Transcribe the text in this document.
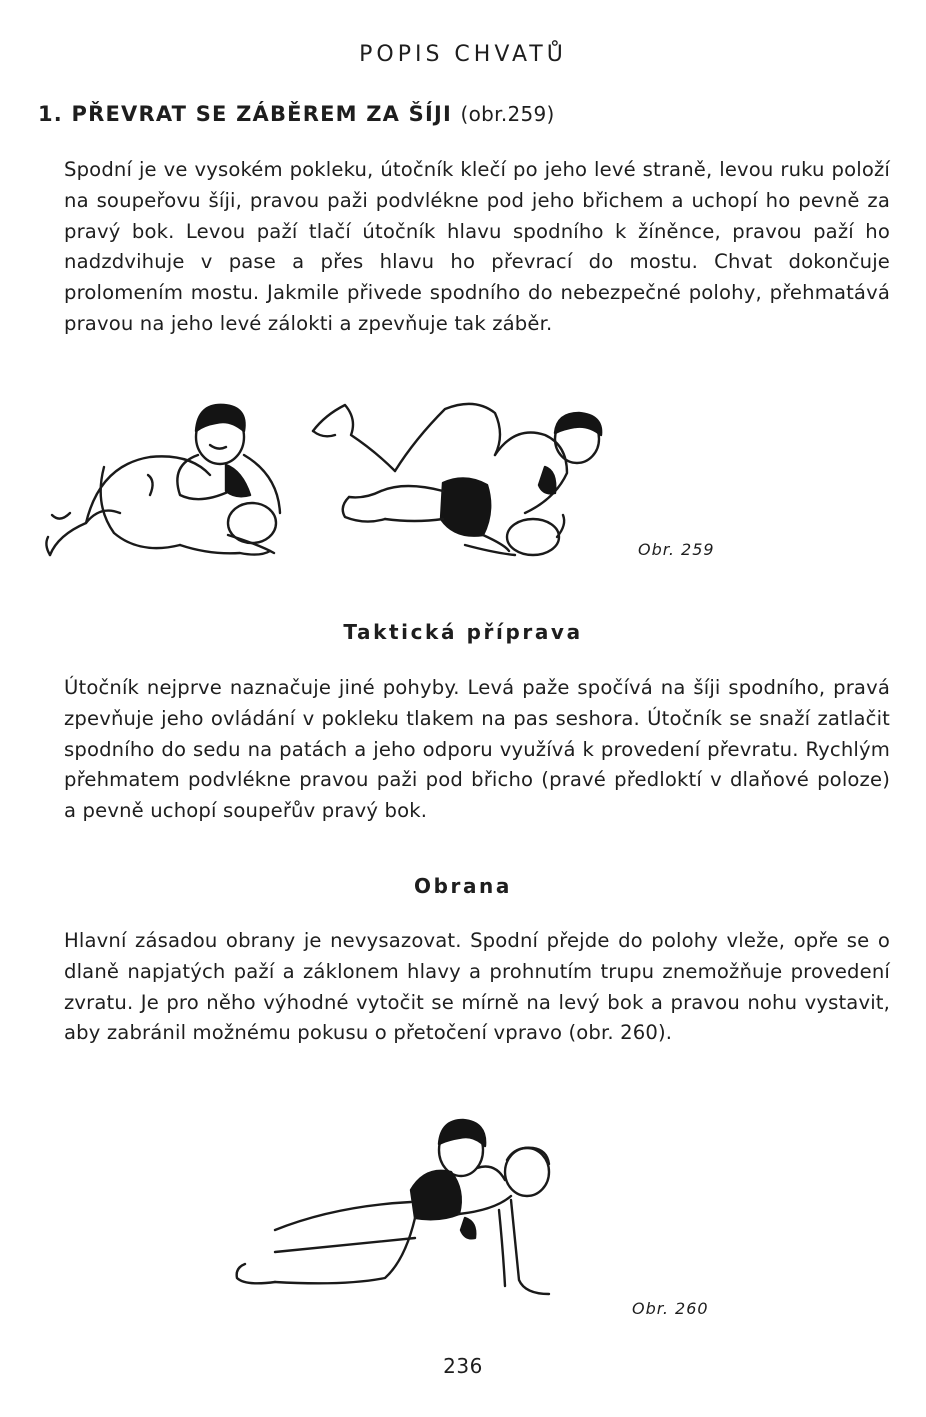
POPIS CHVATŮ
1. PŘEVRAT SE ZÁBĚREM ZA ŠÍJI (obr.259)

Spodní je ve vysokém pokleku, útočník klečí po jeho levé straně, levou ruku položí na soupeřovu šíji, pravou paži podvlékne pod jeho břichem a uchopí ho pevně za pravý bok. Levou paží tlačí útočník hlavu spodního k žíněnce, pravou paží ho nadzdvihuje v pase a přes hlavu ho převrací do mostu. Chvat dokončuje prolomením mostu. Jakmile přivede spodního do nebezpečné polohy, přehmatává pravou na jeho levé zálokti a zpevňuje tak záběr.

Obr. 259

Taktická příprava

Útočník nejprve naznačuje jiné pohyby. Levá paže spočívá na šíji spodního, pravá zpevňuje jeho ovládání v pokleku tlakem na pas seshora. Útočník se snaží zatlačit spodního do sedu na patách a jeho odporu využívá k provedení převratu. Rychlým přehmatem podvlékne pravou paži pod břicho (pravé předloktí v dlaňové poloze) a pevně uchopí soupeřův pravý bok.

Obrana

Hlavní zásadou obrany je nevysazovat. Spodní přejde do polohy vleže, opře se o dlaně napjatých paží a záklonem hlavy a prohnutím trupu znemožňuje provedení zvratu. Je pro něho výhodné vytočit se mírně na levý bok a pravou nohu vystavit, aby zabránil možnému pokusu o přetočení vpravo (obr. 260).

Obr. 260

236
